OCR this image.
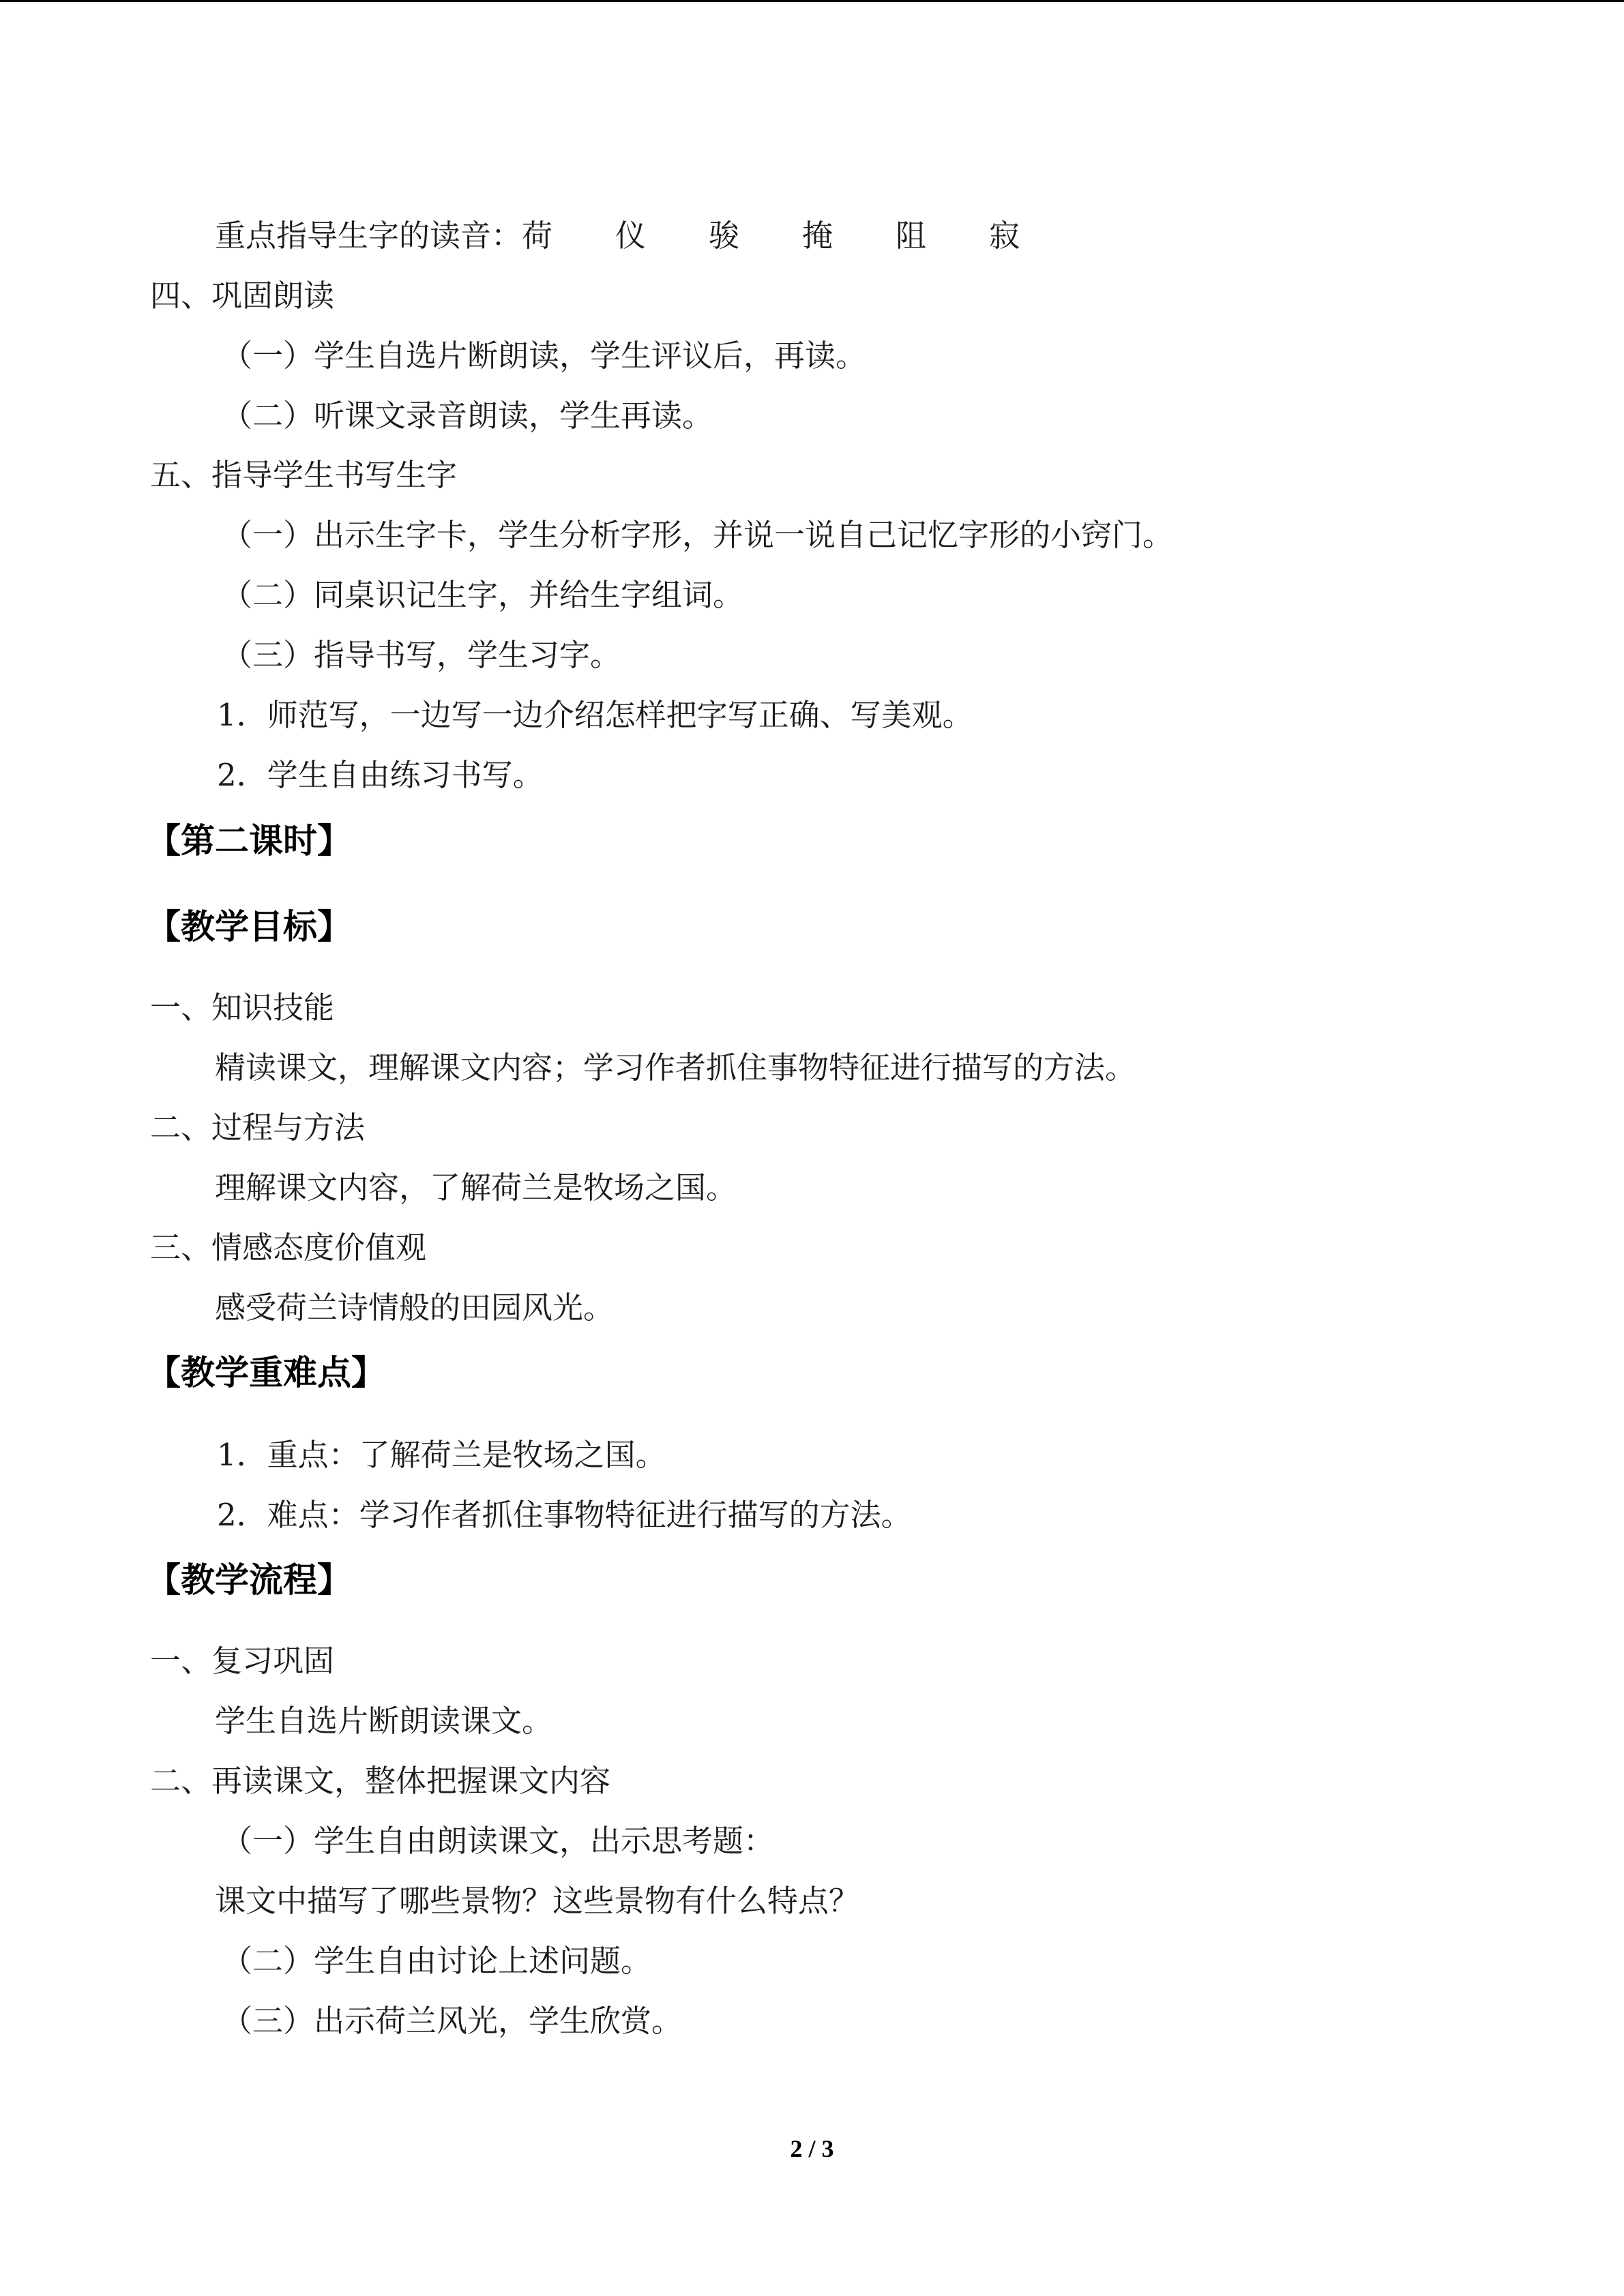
重点指导生字的读音：荷 仪 骏 掩 阻 寂
四、巩固朗读
（一）学生自选片断朗读，学生评议后，再读。
（二）听课文录音朗读，学生再读。
五、指导学生书写生字
（一）出示生字卡，学生分析字形，并说一说自己记忆字形的小窍门。
（二）同桌识记生字，并给生字组词。
（三）指导书写，学生习字。
1．师范写，一边写一边介绍怎样把字写正确、写美观。
2．学生自由练习书写。
【第二课时】
【教学目标】
一、知识技能
精读课文，理解课文内容；学习作者抓住事物特征进行描写的方法。
二、过程与方法
理解课文内容，了解荷兰是牧场之国。
三、情感态度价值观
感受荷兰诗情般的田园风光。
【教学重难点】
1．重点：了解荷兰是牧场之国。
2．难点：学习作者抓住事物特征进行描写的方法。
【教学流程】
一、复习巩固
学生自选片断朗读课文。
二、再读课文，整体把握课文内容
（一）学生自由朗读课文，出示思考题：
课文中描写了哪些景物？这些景物有什么特点？
（二）学生自由讨论上述问题。
（三）出示荷兰风光，学生欣赏。
2 / 3
